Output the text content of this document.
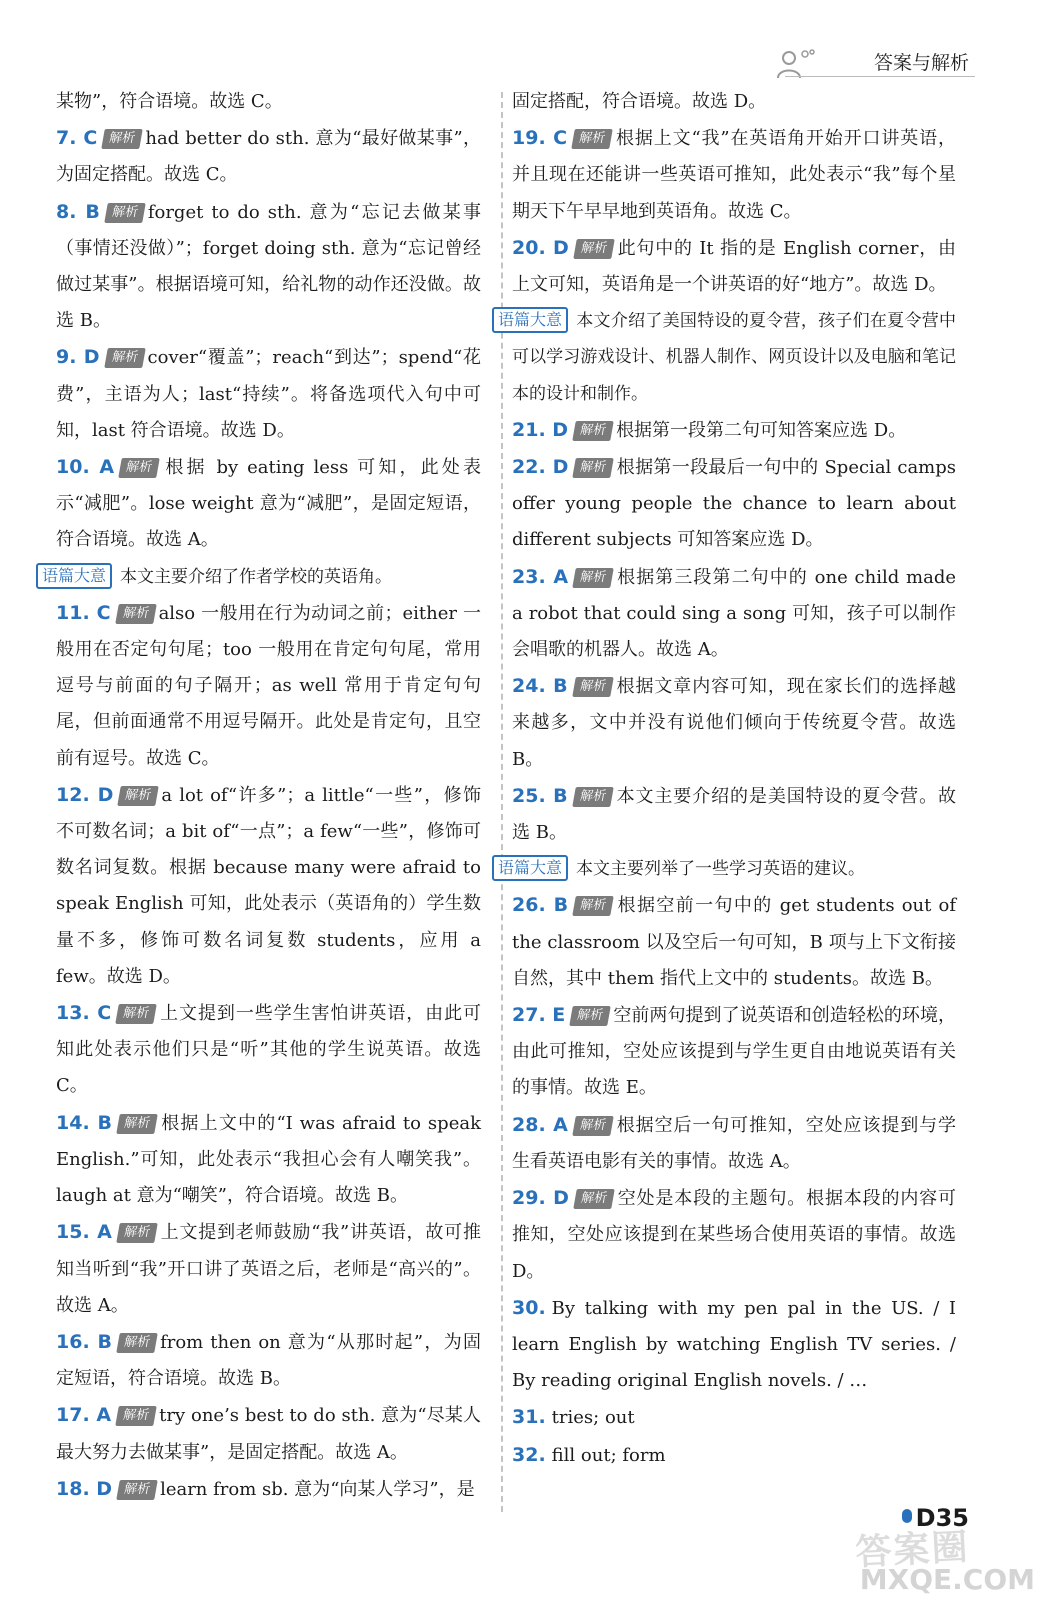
答案与解析
某物”，符合语境。故选 C。
7. C 解析 had better do sth. 意为“最好做某事”，为固定搭配。故选 C。
8. B 解析 forget to do sth. 意为“忘记去做某事（事情还没做）”；forget doing sth. 意为“忘记曾经做过某事”。根据语境可知，给礼物的动作还没做。故选 B。
9. D 解析 cover“覆盖”；reach“到达”；spend“花费”，主语为人；last“持续”。将备选项代入句中可知，last 符合语境。故选 D。
10. A 解析 根据 by eating less 可知，此处表示“减肥”。lose weight 意为“减肥”，是固定短语，符合语境。故选 A。
语篇大意 本文主要介绍了作者学校的英语角。
11. C 解析 also 一般用在行为动词之前；either 一般用在否定句句尾；too 一般用在肯定句句尾，常用逗号与前面的句子隔开；as well 常用于肯定句句尾，但前面通常不用逗号隔开。此处是肯定句，且空前有逗号。故选 C。
12. D 解析 a lot of“许多”；a little“一些”，修饰不可数名词；a bit of“一点”；a few“一些”，修饰可数名词复数。根据 because many were afraid to speak English 可知，此处表示（英语角的）学生数量不多，修饰可数名词复数 students，应用 a few。故选 D。
13. C 解析 上文提到一些学生害怕讲英语，由此可知此处表示他们只是“听”其他的学生说英语。故选 C。
14. B 解析 根据上文中的“I was afraid to speak English.”可知，此处表示“我担心会有人嘲笑我”。laugh at 意为“嘲笑”，符合语境。故选 B。
15. A 解析 上文提到老师鼓励“我”讲英语，故可推知当听到“我”开口讲了英语之后，老师是“高兴的”。故选 A。
16. B 解析 from then on 意为“从那时起”，为固定短语，符合语境。故选 B。
17. A 解析 try one’s best to do sth. 意为“尽某人最大努力去做某事”，是固定搭配。故选 A。
18. D 解析 learn from sb. 意为“向某人学习”，是
固定搭配，符合语境。故选 D。
19. C 解析 根据上文“我”在英语角开始开口讲英语，并且现在还能讲一些英语可推知，此处表示“我”每个星期天下午早早地到英语角。故选 C。
20. D 解析 此句中的 It 指的是 English corner，由上文可知，英语角是一个讲英语的好“地方”。故选 D。
语篇大意 本文介绍了美国特设的夏令营，孩子们在夏令营中可以学习游戏设计、机器人制作、网页设计以及电脑和笔记本的设计和制作。
21. D 解析 根据第一段第二句可知答案应选 D。
22. D 解析 根据第一段最后一句中的 Special camps offer young people the chance to learn about different subjects 可知答案应选 D。
23. A 解析 根据第三段第二句中的 one child made a robot that could sing a song 可知，孩子可以制作会唱歌的机器人。故选 A。
24. B 解析 根据文章内容可知，现在家长们的选择越来越多，文中并没有说他们倾向于传统夏令营。故选 B。
25. B 解析 本文主要介绍的是美国特设的夏令营。故选 B。
语篇大意 本文主要列举了一些学习英语的建议。
26. B 解析 根据空前一句中的 get students out of the classroom 以及空后一句可知，B 项与上下文衔接自然，其中 them 指代上文中的 students。故选 B。
27. E 解析 空前两句提到了说英语和创造轻松的环境，由此可推知，空处应该提到与学生更自由地说英语有关的事情。故选 E。
28. A 解析 根据空后一句可推知，空处应该提到与学生看英语电影有关的事情。故选 A。
29. D 解析 空处是本段的主题句。根据本段的内容可推知，空处应该提到在某些场合使用英语的事情。故选 D。
30. By talking with my pen pal in the US. / I learn English by watching English TV series. / By reading original English novels. / …
31. tries; out
32. fill out; form
D35
答案圈
MXQE.COM
